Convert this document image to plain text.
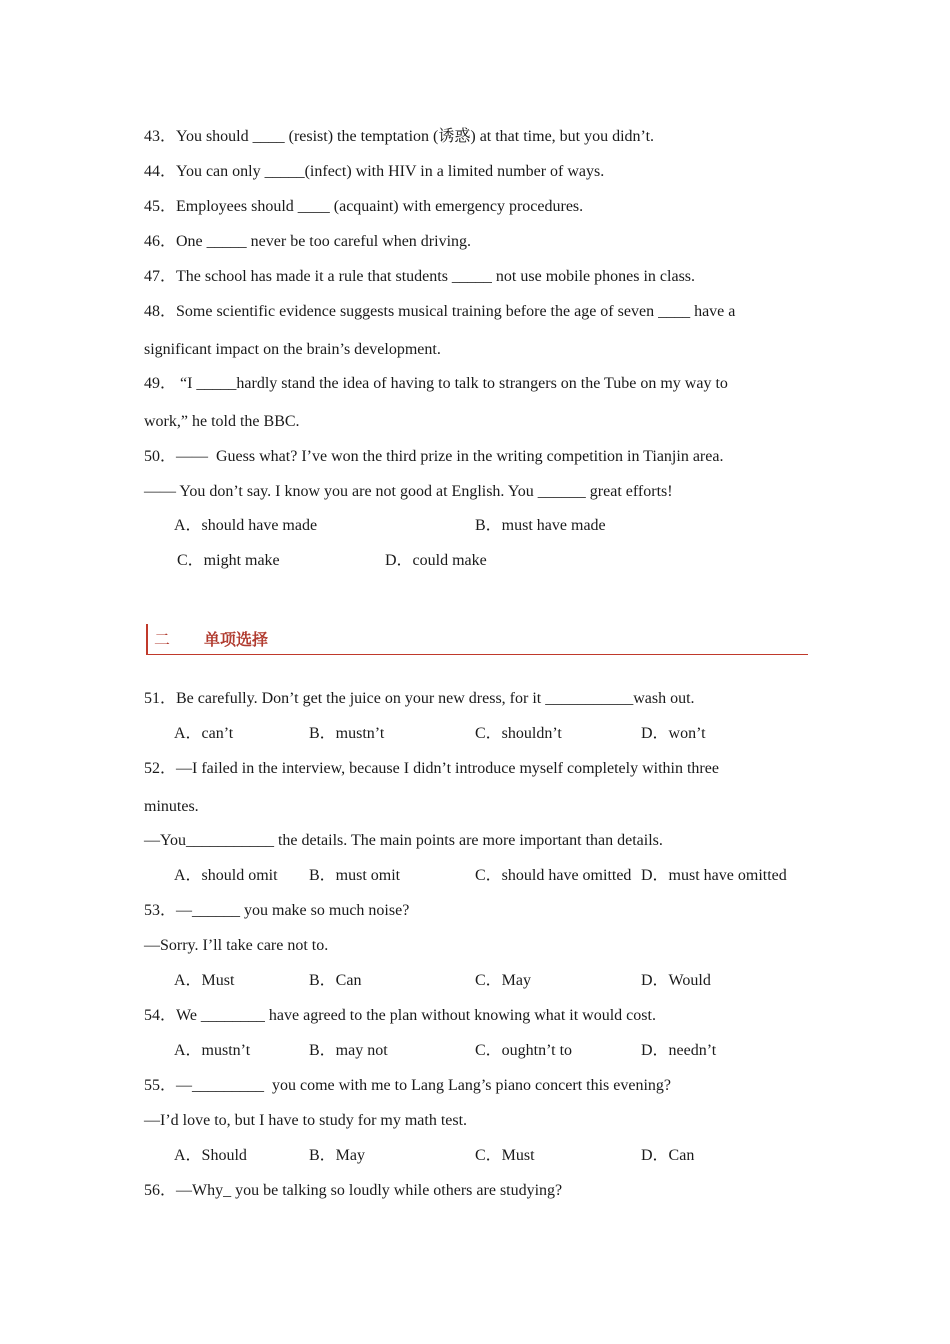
43．You should ____ (resist) the temptation (诱惑) at that time, but you didn’t.
44．You can only _____(infect) with HIV in a limited number of ways.
45．Employees should ____ (acquaint) with emergency procedures.
46．One _____ never be too careful when driving.
47．The school has made it a rule that students _____ not use mobile phones in class.
48．Some scientific evidence suggests musical training before the age of seven ____ have a
significant impact on the brain’s development.
49． “I _____hardly stand the idea of having to talk to strangers on the Tube on my way to
work,” he told the BBC.
50．——  Guess what? I’ve won the third prize in the writing competition in Tianjin area.
—— You don’t say. I know you are not good at English. You ______ great efforts!
A．should have made	B．must have made
C．might make	D．could make
二 单项选择
51．Be carefully. Don’t get the juice on your new dress, for it ___________wash out.
A．can’t	B．mustn’t	C．shouldn’t	D．won’t
52．—I failed in the interview, because I didn’t introduce myself completely within three
minutes.
—You___________ the details. The main points are more important than details.
A．should omit B．must omit	C．should have omitted D．must have omitted
53．—______ you make so much noise?
—Sorry. I’ll take care not to.
A．Must	B．Can	C．May	D．Would
54．We ________ have agreed to the plan without knowing what it would cost.
A．mustn’t	B．may not	C．oughtn’t to	D．needn’t
55．—_________  you come with me to Lang Lang’s piano concert this evening?
—I’d love to, but I have to study for my math test.
A．Should	B．May	C．Must	D．Can
56．—Why_ you be talking so loudly while others are studying?
